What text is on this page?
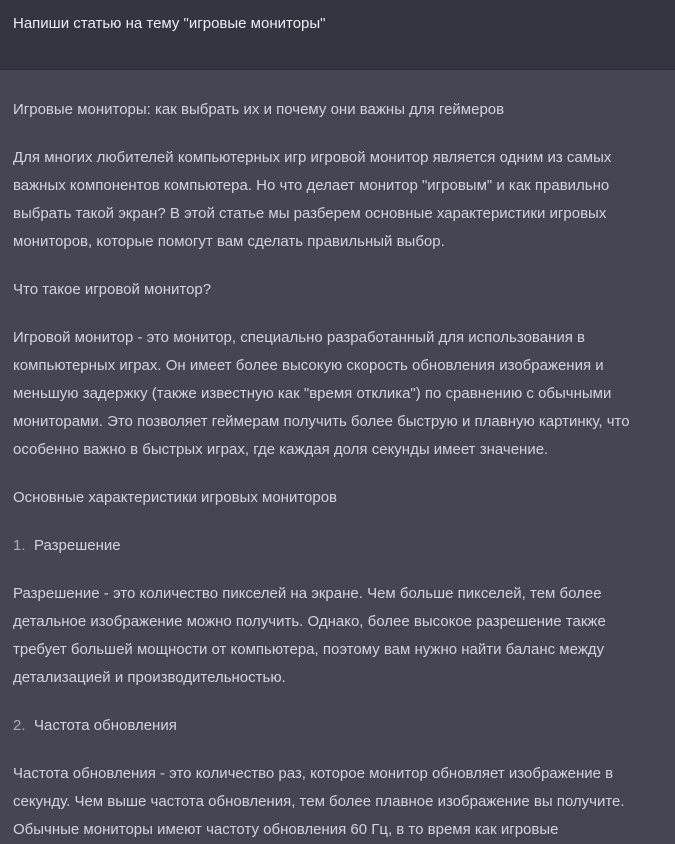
Напиши статью на тему "игровые мониторы"
Игровые мониторы: как выбрать их и почему они важны для геймеров
Для многих любителей компьютерных игр игровой монитор является одним из самых важных компонентов компьютера. Но что делает монитор "игровым" и как правильно выбрать такой экран? В этой статье мы разберем основные характеристики игровых мониторов, которые помогут вам сделать правильный выбор.
Что такое игровой монитор?
Игровой монитор - это монитор, специально разработанный для использования в компьютерных играх. Он имеет более высокую скорость обновления изображения и меньшую задержку (также известную как "время отклика") по сравнению с обычными мониторами. Это позволяет геймерам получить более быструю и плавную картинку, что особенно важно в быстрых играх, где каждая доля секунды имеет значение.
Основные характеристики игровых мониторов
1. Разрешение
Разрешение - это количество пикселей на экране. Чем больше пикселей, тем более детальное изображение можно получить. Однако, более высокое разрешение также требует большей мощности от компьютера, поэтому вам нужно найти баланс между детализацией и производительностью.
2. Частота обновления
Частота обновления - это количество раз, которое монитор обновляет изображение в секунду. Чем выше частота обновления, тем более плавное изображение вы получите. Обычные мониторы имеют частоту обновления 60 Гц, в то время как игровые
